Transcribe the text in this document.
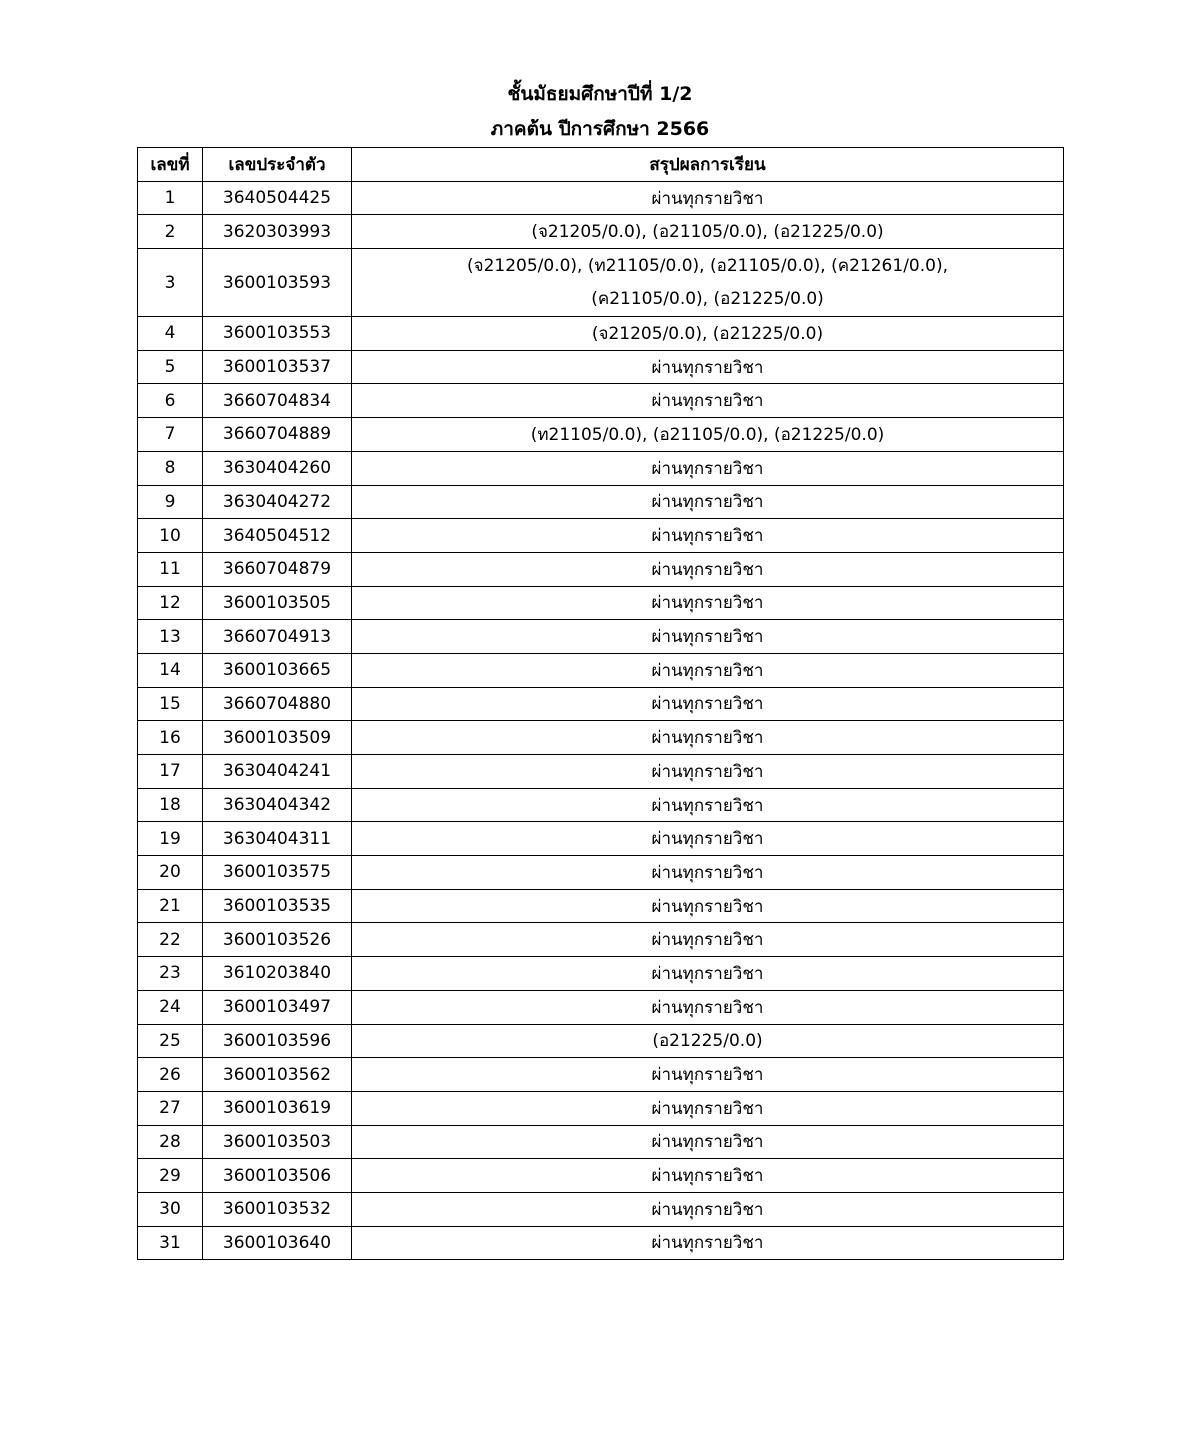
ชั้นมัธยมศึกษาปีที่ 1/2
ภาคต้น ปีการศึกษา 2566
เลขที่	เลขประจำตัว	สรุปผลการเรียน
1	3640504425	ผ่านทุกรายวิชา

2	3620303993	(จ21205/0.0), (อ21105/0.0), (อ21225/0.0)

3	3600103593	(จ21205/0.0), (ท21105/0.0), (อ21105/0.0), (ค21261/0.0),
(ค21105/0.0), (อ21225/0.0)

4	3600103553	(จ21205/0.0), (อ21225/0.0)

5	3600103537	ผ่านทุกรายวิชา

6	3660704834	ผ่านทุกรายวิชา

7	3660704889	(ท21105/0.0), (อ21105/0.0), (อ21225/0.0)

8	3630404260	ผ่านทุกรายวิชา

9	3630404272	ผ่านทุกรายวิชา

10	3640504512	ผ่านทุกรายวิชา

11	3660704879	ผ่านทุกรายวิชา

12	3600103505	ผ่านทุกรายวิชา

13	3660704913	ผ่านทุกรายวิชา

14	3600103665	ผ่านทุกรายวิชา

15	3660704880	ผ่านทุกรายวิชา

16	3600103509	ผ่านทุกรายวิชา

17	3630404241	ผ่านทุกรายวิชา

18	3630404342	ผ่านทุกรายวิชา

19	3630404311	ผ่านทุกรายวิชา

20	3600103575	ผ่านทุกรายวิชา

21	3600103535	ผ่านทุกรายวิชา

22	3600103526	ผ่านทุกรายวิชา

23	3610203840	ผ่านทุกรายวิชา

24	3600103497	ผ่านทุกรายวิชา

25	3600103596	(อ21225/0.0)

26	3600103562	ผ่านทุกรายวิชา

27	3600103619	ผ่านทุกรายวิชา

28	3600103503	ผ่านทุกรายวิชา

29	3600103506	ผ่านทุกรายวิชา

30	3600103532	ผ่านทุกรายวิชา

31	3600103640	ผ่านทุกรายวิชา
